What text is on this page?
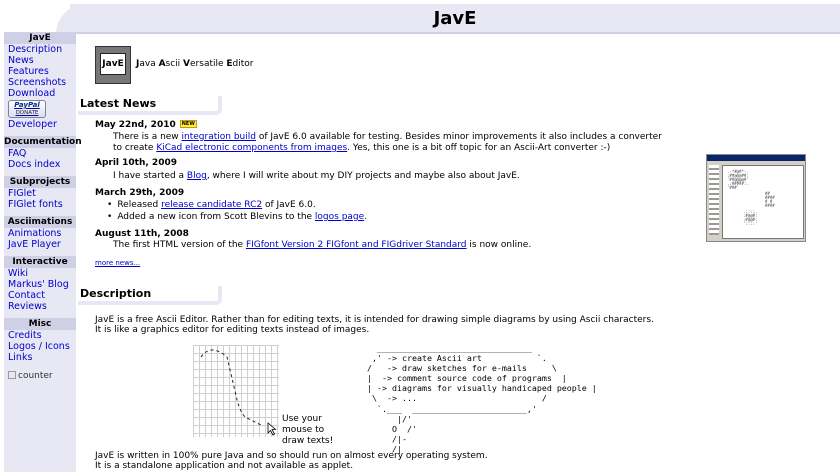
JavE
JavE
Description
News
Features
Screenshots
Download
PayPal
DONATE
Developer
Documentation
FAQ
Docs index
Subprojects
FIGlet
FIGlet fonts
Asciimations
Animations
JavE Player
Interactive
Wiki
Markus' Blog
Contact
Reviews
Misc
Credits
Logos / Icons
Links
counter
JavE Java Ascii Versatile Editor
Latest News
May 22nd, 2010 NEW
There is a new integration build of JavE 6.0 available for testing. Besides minor improvements it also includes a converter to create KiCad electronic components from images. Yes, this one is a bit off topic for an Ascii-Art converter :-)
April 10th, 2009
I have started a Blog, where I will write about my DIY projects and maybe also about JavE.
March 29th, 2009
• Released release candidate RC2 of JavE 6.0.
• Added a new icon from Scott Blevins to the logos page.
August 11th, 2008
The first HTML version of the FIGfont Version 2 FIGfont and FIGdriver Standard is now online.
more news...
.-*#@#*-.
:##@@@##:
'##@@@@#'
.:#####:.
'###'
##
####
# #
####
.::::.
:#@@#:
:#@@#:
'::::'
Description
JavE is a free Ascii Editor. Rather than for editing texts, it is intended for drawing simple diagrams by using Ascii characters.
It is like a graphics editor for editing texts instead of images.
Use your
mouse to
draw texts!
_______________________________
,' -> create Ascii art           `.
/   -> draw sketches for e-mails     \
|  -> comment source code of programs  |
| -> diagrams for visually handicaped people |
\  -> ...                         /
`.___  _______________________,'
|/'
O  /'
/|-
/|
JavE is written in 100% pure Java and so should run on almost every operating system.
It is a standalone application and not available as applet.
